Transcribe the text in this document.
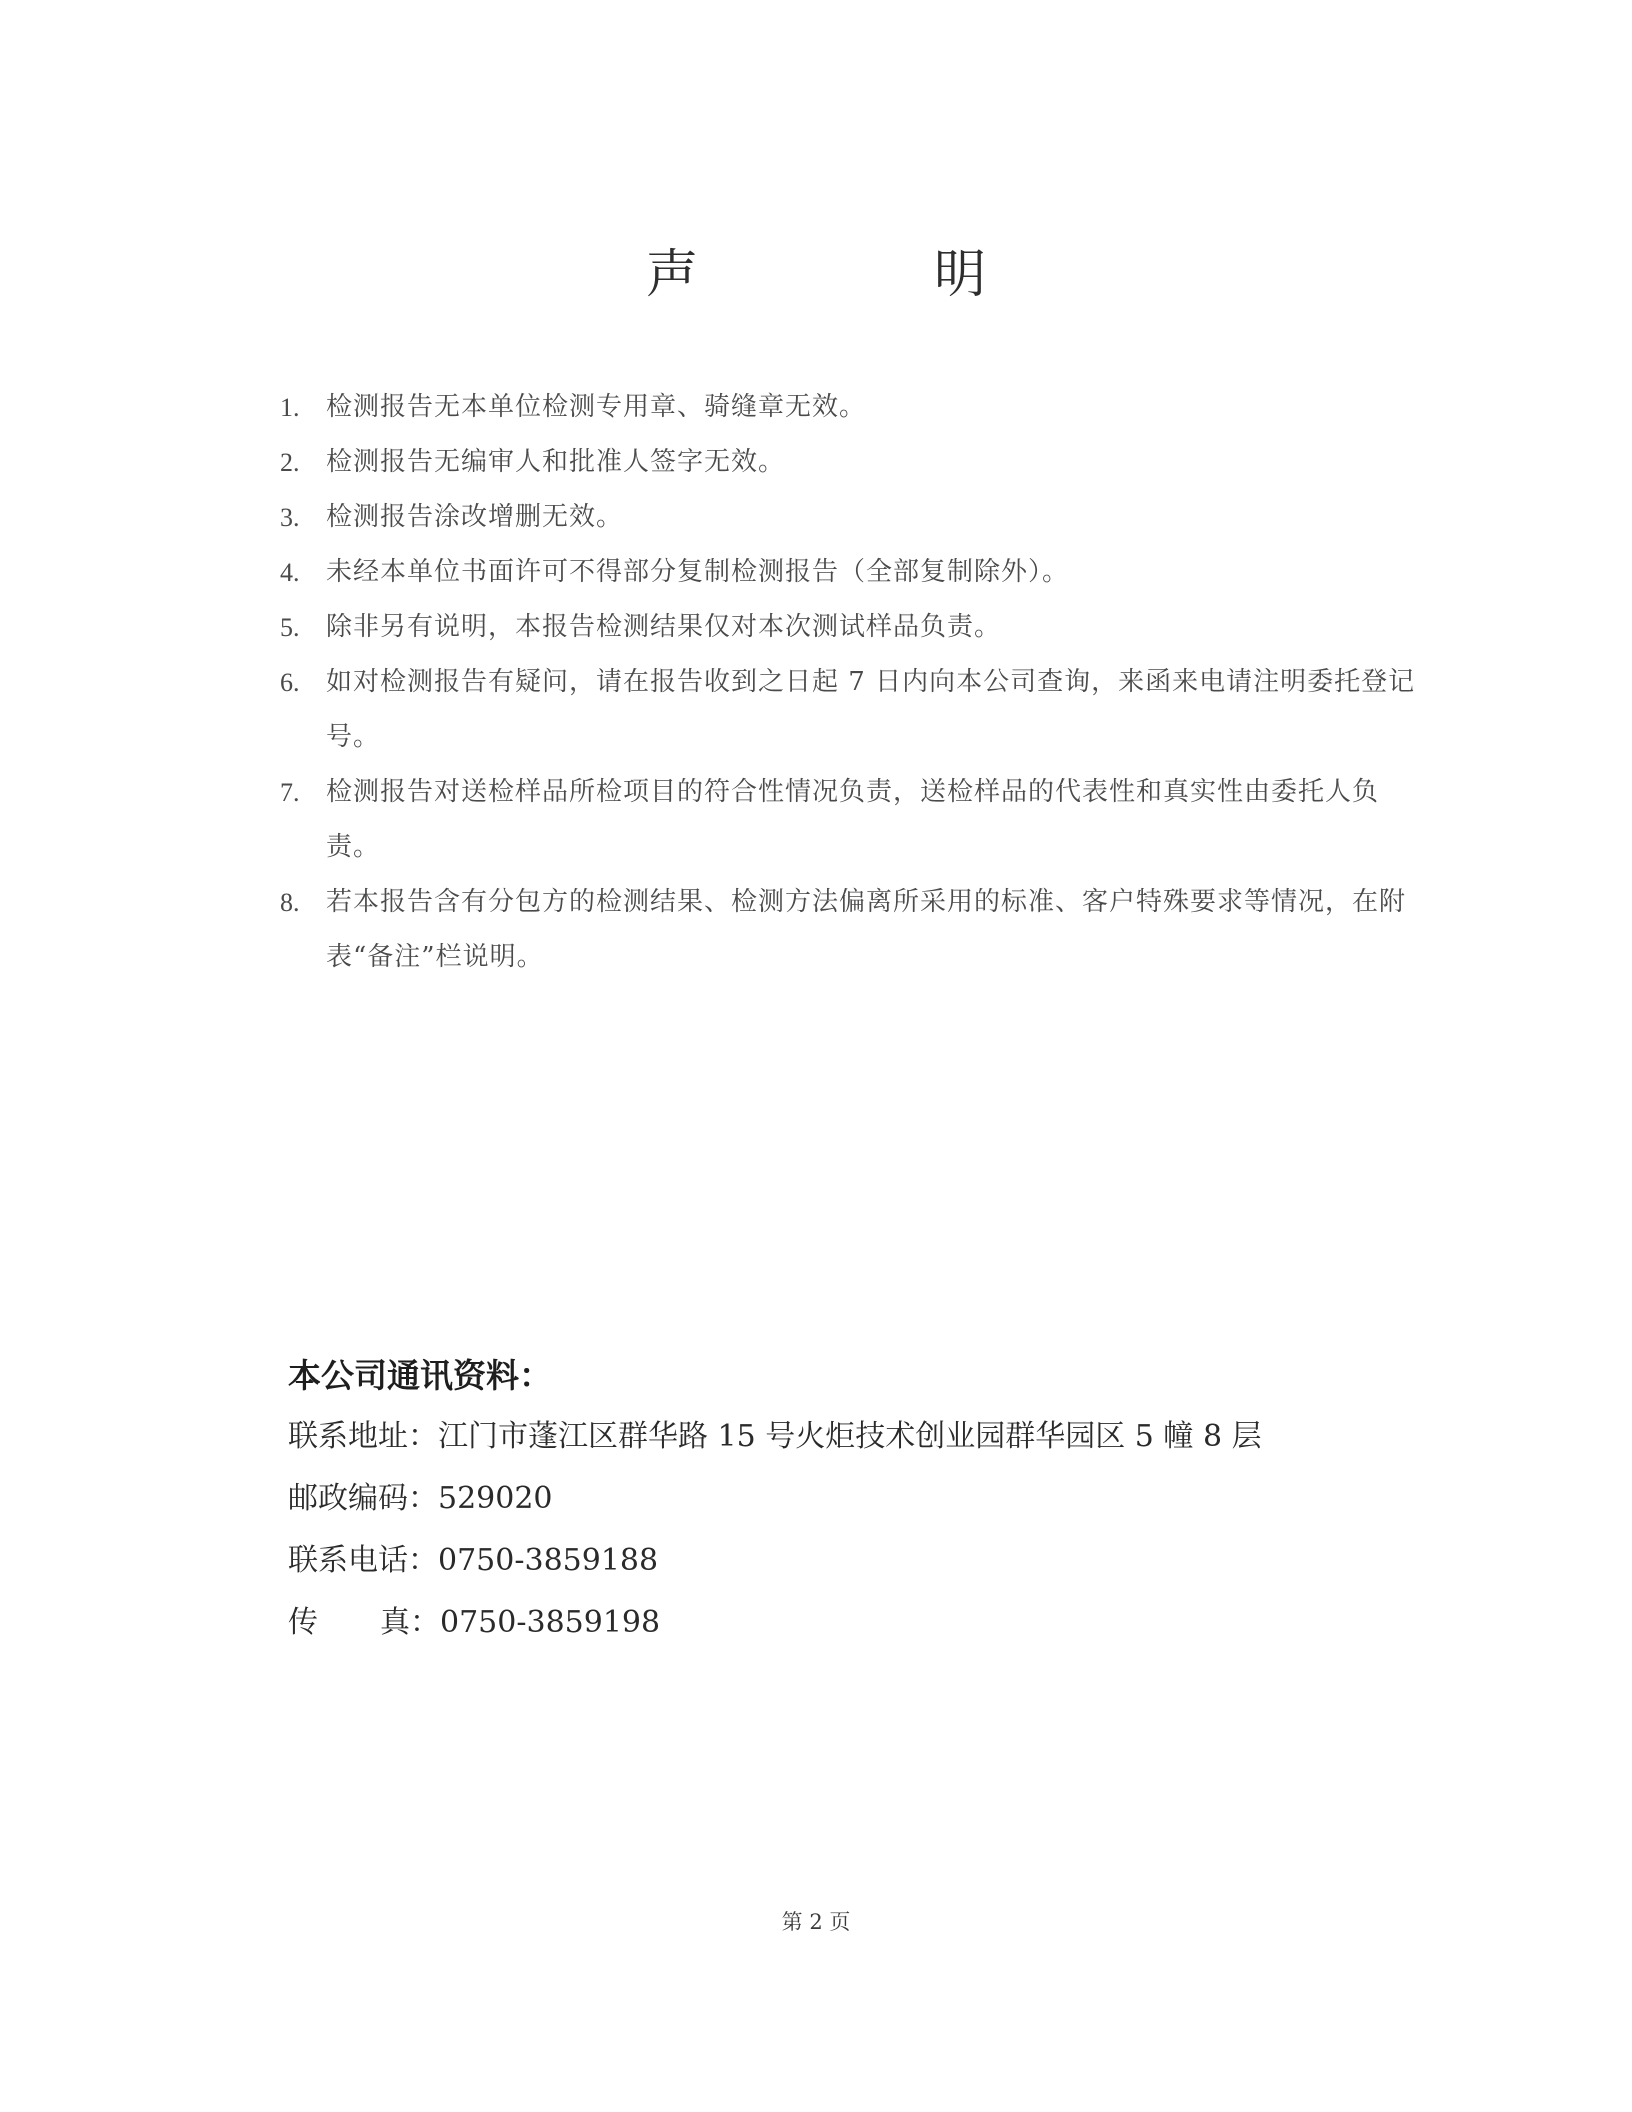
声　明
1.	检测报告无本单位检测专用章、骑缝章无效。
2.	检测报告无编审人和批准人签字无效。
3.	检测报告涂改增删无效。
4.	未经本单位书面许可不得部分复制检测报告（全部复制除外）。
5.	除非另有说明，本报告检测结果仅对本次测试样品负责。
6.	如对检测报告有疑问，请在报告收到之日起 7 日内向本公司查询，来函来电请注明委托登记号。
7.	检测报告对送检样品所检项目的符合性情况负责，送检样品的代表性和真实性由委托人负责。
8.	若本报告含有分包方的检测结果、检测方法偏离所采用的标准、客户特殊要求等情况，在附表“备注”栏说明。
本公司通讯资料：
联系地址：江门市蓬江区群华路 15 号火炬技术创业园群华园区 5 幢 8 层
邮政编码：529020
联系电话：0750-3859188
传 真：0750-3859198
第 2 页
